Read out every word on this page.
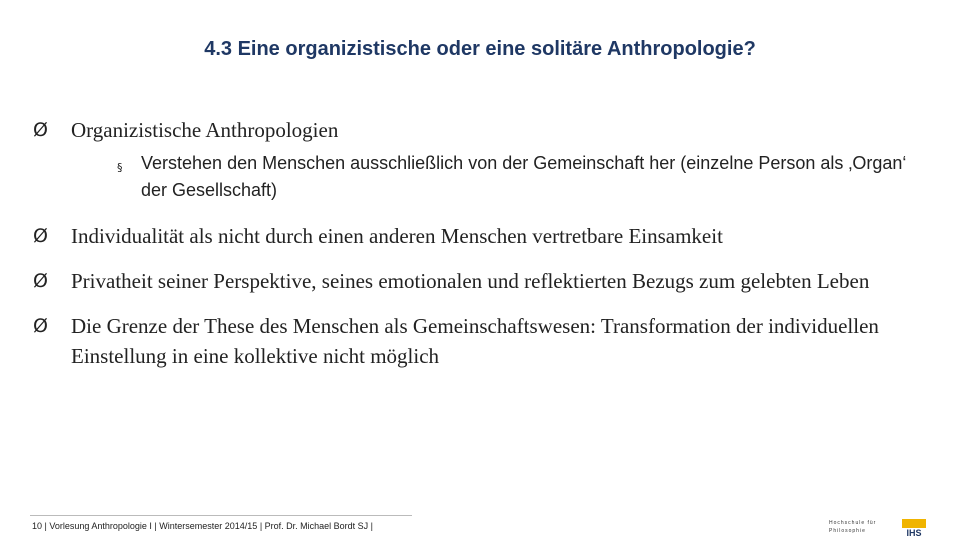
4.3 Eine organizistische oder eine solitäre Anthropologie?
Ø Organizistische Anthropologien
§ Verstehen den Menschen ausschließlich von der Gemeinschaft her (einzelne Person als ‚Organ‘ der Gesellschaft)
Ø Individualität als nicht durch einen anderen Menschen vertretbare Einsamkeit
Ø Privatheit seiner Perspektive, seines emotionalen und reflektierten Bezugs zum gelebten Leben
Ø Die Grenze der These des Menschen als Gemeinschaftswesen: Transformation der individuellen Einstellung in eine kollektive nicht möglich
10 | Vorlesung Anthropologie I | Wintersemester 2014/15 | Prof. Dr. Michael Bordt SJ |	Hochschule für
Philosophie	IHS
